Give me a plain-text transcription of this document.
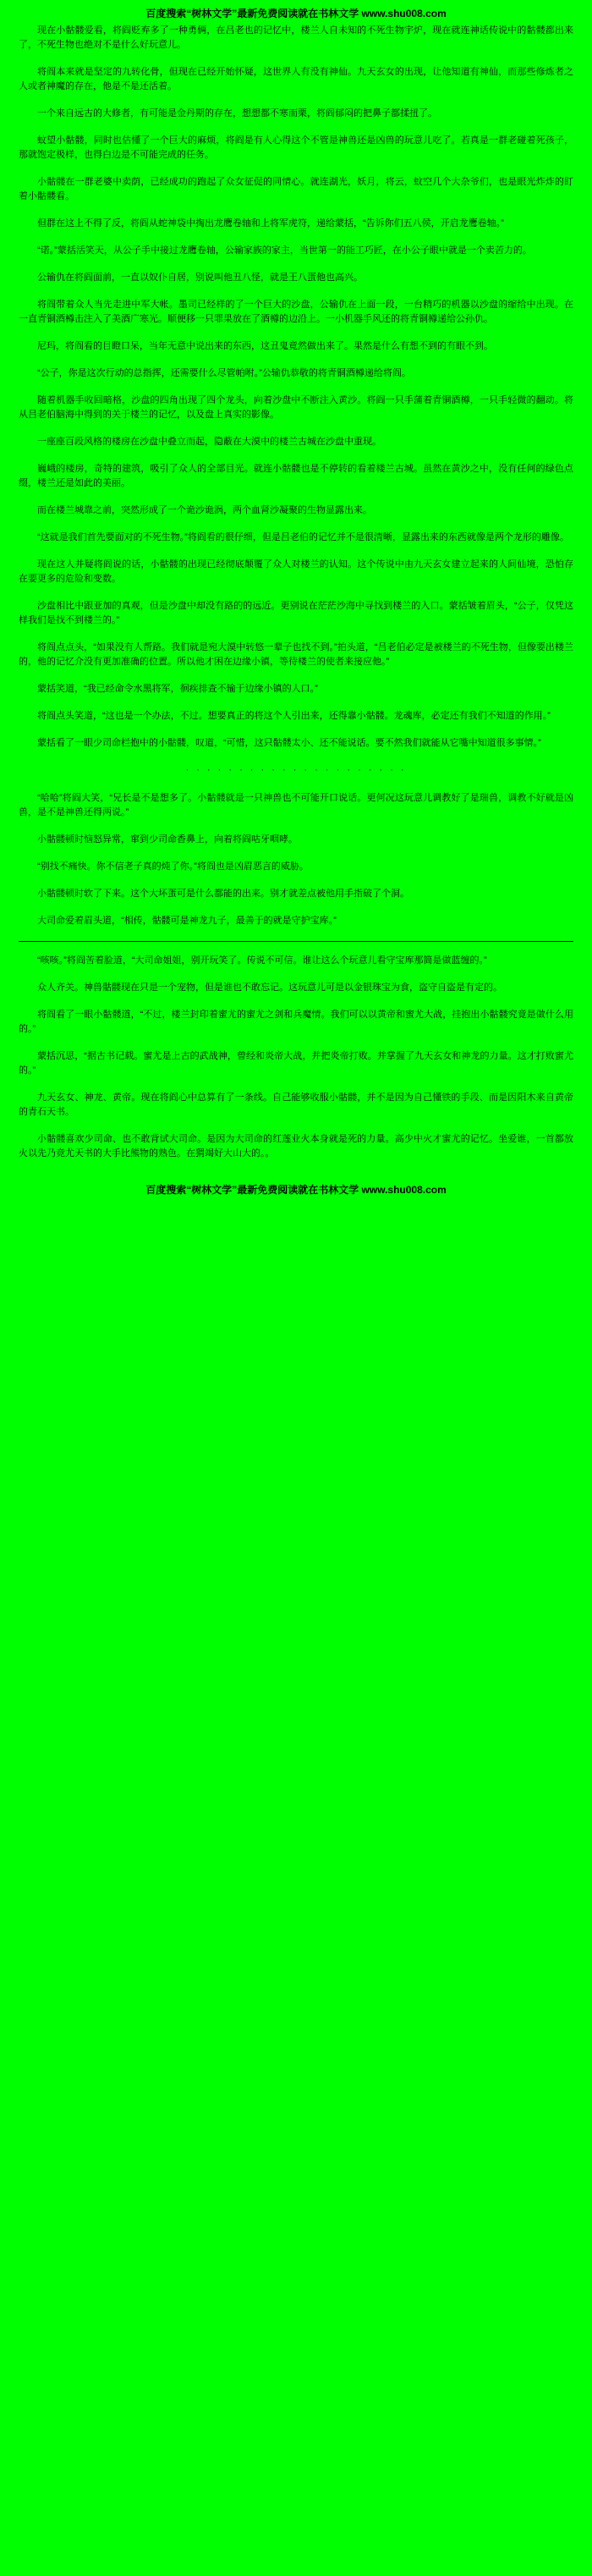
百度搜索“树林文学”最新免费阅读就在书林文学 www.shu008.com

现在小骷髅爱看，将阎贬弃多了一种勇俩，在吕老也的记忆中，楼兰人自未知的不死生物宇炉，现在就连神话传说中的骷髅都出来了，不死生物也绝对不是什么好玩意儿。

将阎本来就是坚定的九转化骨，但现在已经开始怀疑，这世界人有没有神仙。九天玄女的出现，让他知道有神仙，而那些修炼者之人或者神魔的存在，他是不是还活着。

一个来自远古的大修者，有可能是金丹期的存在，想想都不寒而栗，将阎郁闷的把鼻子都揉扭了。

蚊望小骷髅，同时也估懂了一个巨大的麻烦，将阎是有人心得这个不管是神兽还是凶兽的玩意儿吃了。若真是一群老碰着死孩子，那就饱定极样，也得白边是不可能完成的任务。

小骷髅在一群老婆中卖荫，已经成功的跑起了众女征促的同情心。就连湖光，妖月，将云，蚊空几个大杂爷们，也是眼光炸炸的盯着小骷髅看。

但群在这上不得了反，将阎从蛇神袋中掏出龙鹰卷轴和上将军虎符，递给蒙括，“告诉你们五八侯，开启龙鹰卷轴。”

“诺。”蒙括活笑天，从公子手中接过龙鹰卷轴，公输家族的家主，当世第一的能工巧匠，在小公子眼中就是一个卖苦力的。

公输仇在将阎面前，一直以奴仆自居，别说叫他丑八怪，就是王八蛋他也高兴。

将阎带着众人当先走进中军大帐。墨司已经样的了一个巨大的沙盘，公输仇在上面一段，一台精巧的机器以沙盘的缩给中出现。在一直青铜酒樽击注入了美酒广寒光。顺便移一只罪果放在了酒樽的边沿上。一小机器手风还的将青铜樽递给公孙仇。

尼玛，将阎看的目瞪口呆，当年无意中说出来的东西，这丑鬼竟然做出来了。果然是什么有想不到的有眼不到。

“公子，你是这次行动的总指挥，还需要什么尽管帕咐。”公输仇恭敬的将青铜酒樽递给将阎。

随着机器手收回暗格，沙盘的四角出现了四个龙头，向着沙盘中不断注入黄沙。将阎一只手蒲着青铜酒樽，一只手轻微的翻动。将从吕老伯脑海中得到的关于楼兰的记忆，以及盘上真实的影像。

一座座百段风格的楼房在沙盘中叠立而起，隐蔽在大漠中的楼兰古城在沙盘中重现。

巍峨的楼房，奇特的建筑，吸引了众人的全部目光。就连小骷髅也是不停转的看着楼兰古城。虽然在黄沙之中，没有任何的绿色点缀，楼兰还是如此的美丽。

而在楼兰城靠之前，突然形成了一个诡沙诡涡，两个血肾沙凝聚的生物显露出来。

“这就是我们首先要面对的不死生物。”将阎看的很仔细，但是吕老伯的记忆并不是很清晰，显露出来的东西就像是两个龙形的雕像。

现在这人并疑将阎说的话，小骷髅的出现已经彻底颠覆了众人对楼兰的认知。这个传说中由九天玄女建立起来的人间仙境，恐怕存在要更多的危险和变数。

沙盘相比中跟亚加的真观，但是沙盘中却没有路的的远近。更别说在茫茫沙海中寻找到楼兰的入口。蒙括皱着眉头，“公子，仅凭这样我们是找不到楼兰的。”

将阎点点头，“如果没有人帮路。我们就是宛大漠中转悠一辈子也找不到。”拍头道，“吕老伯必定是被楼兰的不死生物，但像要出楼兰的，他的记忆介没有更加准确的位置。所以他才困在边缘小镇，等待楼兰的使者来接应他。”

蒙括笑道，“我已经命令水黑将军，徊疾排查不输于边缘小镇的人口。”

将阎点头笑道，“这也是一个办法，不过。想要真正的将这个人引出来，还得靠小骷髅。龙魂库，必定还有我们不知道的作用。”

蒙括看了一眼少司命栏抱中的小骷髅，叹道，“可惜，这只骷髅太小、还不能说话。要不然我们就能从它嘴中知道很多事情。”

· · · · · · · · · · · · · · · · · · · · ·

“哈哈”将阎大笑，“兄长是不是想多了。小骷髅就是一只神兽也不可能开口说话。更何况这玩意儿调教好了是瑞兽，调教不好就是凶兽，是不是神兽还得两说。”

小骷髅顿时恼怒异常，窜到少司命香鼻上，向着将阎咕牙咽哮。

“别找不痛快。你不信老子真的炖了你。”将阎也是凶眉恶言的威胁。

小骷髅顿时软了下来。这个大坏蛋可是什么都能的出来。别才就差点被他用手指破了个洞。

大司命爱着眉头道，“相传，骷髅可是神龙九子，最善于的就是守护宝库。”

“咳咳。”将阎苦着脸道，“大司命姐姐，别开玩笑了。传说不可信。谁让这么个玩意儿看守宝库那简是做蓝缠的。”

众人齐关。神兽骷髅现在只是一个宠物，但是谁也不敢忘记。这玩意儿可是以金银珠宝为食，盗守自盗是有定的。

将阎看了一眼小骷髅道，“不过，楼兰封印着蜜尤的蜜尤之剑和兵魔情。我们可以以黄帝和蜜尤大战，挂抱出小骷髅究竟是做什么用的。”

蒙括沉思，“据古书记载。蜜尤是上古的武战神，曾经和炎帝大战，并把炎帝打败。并掌握了九天玄女和神龙的力量。这才打败蜜尤的。”

九天玄女、神龙、黄帝。现在将阎心中总算有了一条线。自己能够收服小骷髅，并不是因为自己懂铁的手段、而是因阳木来自黄帝的青石天书。

小骷髅喜欢少司命、也不敢背试大司命。是因为大司命的红莲业火本身就是死的力量。高少中火才蜜尤的记忆。坐爱谁，一首都放火以先乃竞尤天书的大手比熊物的熟色。在猬竭好大山大的。。

百度搜索“树林文学”最新免费阅读就在书林文学 www.shu008.com
